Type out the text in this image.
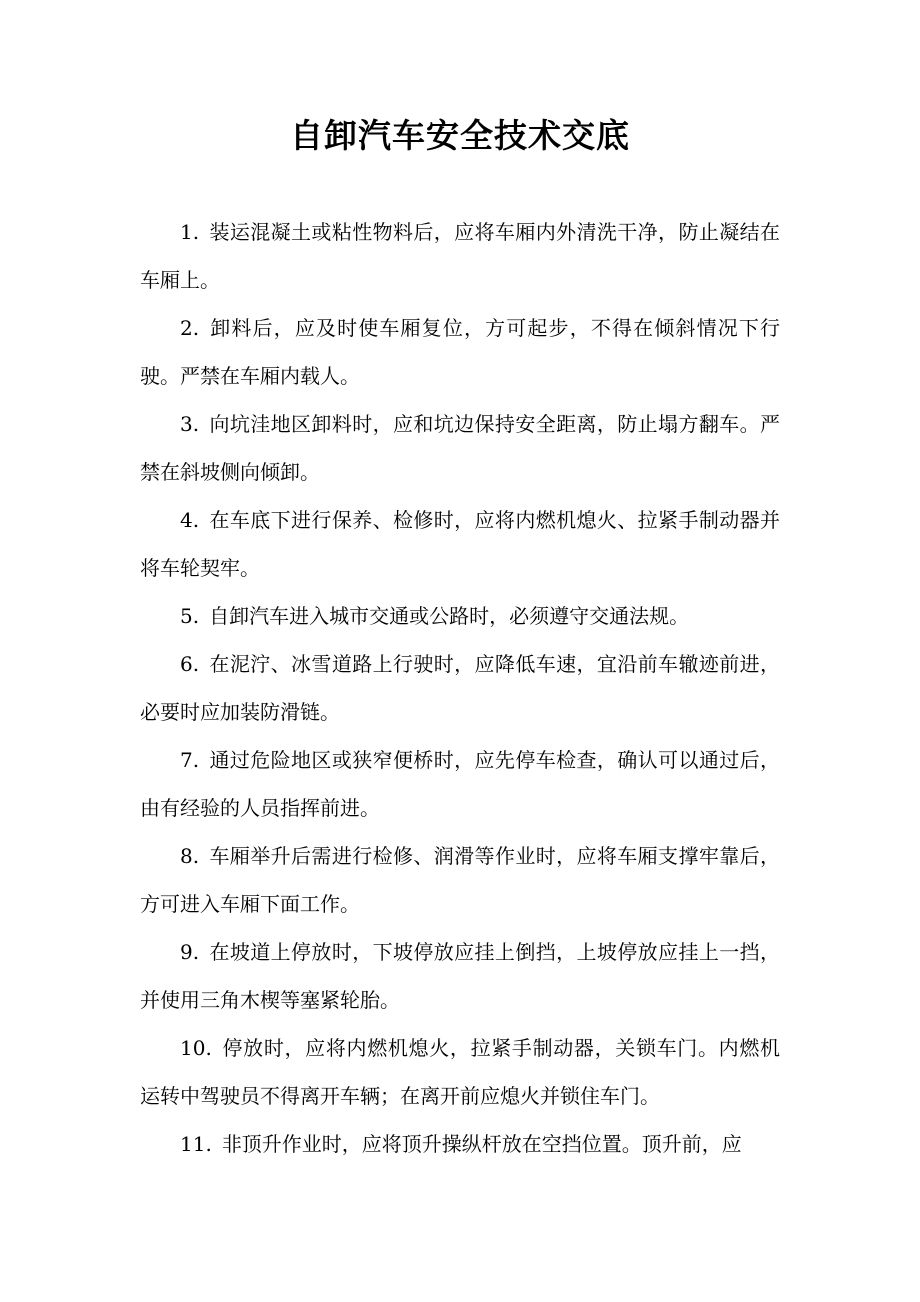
自卸汽车安全技术交底

1. 装运混凝土或粘性物料后，应将车厢内外清洗干净，防止凝结在车厢上。

2. 卸料后，应及时使车厢复位，方可起步，不得在倾斜情况下行驶。严禁在车厢内载人。

3. 向坑洼地区卸料时，应和坑边保持安全距离，防止塌方翻车。严禁在斜坡侧向倾卸。

4. 在车底下进行保养、检修时，应将内燃机熄火、拉紧手制动器并将车轮契牢。

5. 自卸汽车进入城市交通或公路时，必须遵守交通法规。

6. 在泥泞、冰雪道路上行驶时，应降低车速，宜沿前车辙迹前进，必要时应加装防滑链。

7. 通过危险地区或狭窄便桥时，应先停车检查，确认可以通过后，由有经验的人员指挥前进。

8. 车厢举升后需进行检修、润滑等作业时，应将车厢支撑牢靠后，方可进入车厢下面工作。

9. 在坡道上停放时，下坡停放应挂上倒挡，上坡停放应挂上一挡，并使用三角木楔等塞紧轮胎。

10. 停放时，应将内燃机熄火，拉紧手制动器，关锁车门。内燃机运转中驾驶员不得离开车辆；在离开前应熄火并锁住车门。

11. 非顶升作业时，应将顶升操纵杆放在空挡位置。顶升前，应
